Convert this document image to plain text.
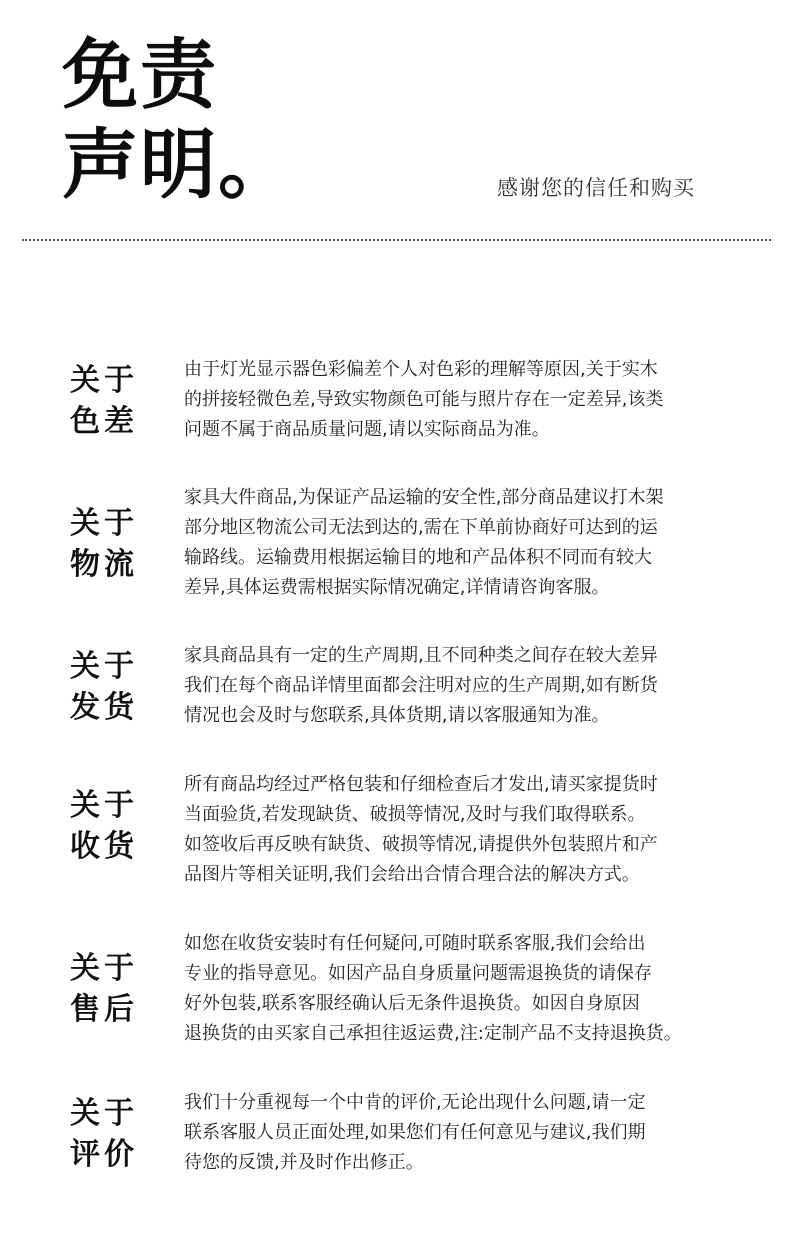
免责
声明。	感谢您的信任和购买
关于
色差
由于灯光显示器色彩偏差个人对色彩的理解等原因,关于实木
的拼接轻微色差,导致实物颜色可能与照片存在一定差异,该类
问题不属于商品质量问题,请以实际商品为准。
关于
物流
家具大件商品,为保证产品运输的安全性,部分商品建议打木架
部分地区物流公司无法到达的,需在下单前协商好可达到的运
输路线。运输费用根据运输目的地和产品体积不同而有较大
差异,具体运费需根据实际情况确定,详情请咨询客服。
关于
发货
家具商品具有一定的生产周期,且不同种类之间存在较大差异
我们在每个商品详情里面都会注明对应的生产周期,如有断货
情况也会及时与您联系,具体货期,请以客服通知为准。
关于
收货
所有商品均经过严格包装和仔细检查后才发出,请买家提货时
当面验货,若发现缺货、破损等情况,及时与我们取得联系。
如签收后再反映有缺货、破损等情况,请提供外包装照片和产
品图片等相关证明,我们会给出合情合理合法的解决方式。
关于
售后
如您在收货安装时有任何疑问,可随时联系客服,我们会给出
专业的指导意见。如因产品自身质量问题需退换货的请保存
好外包装,联系客服经确认后无条件退换货。如因自身原因
退换货的由买家自己承担往返运费,注:定制产品不支持退换货。
关于
评价
我们十分重视每一个中肯的评价,无论出现什么问题,请一定
联系客服人员正面处理,如果您们有任何意见与建议,我们期
待您的反馈,并及时作出修正。
